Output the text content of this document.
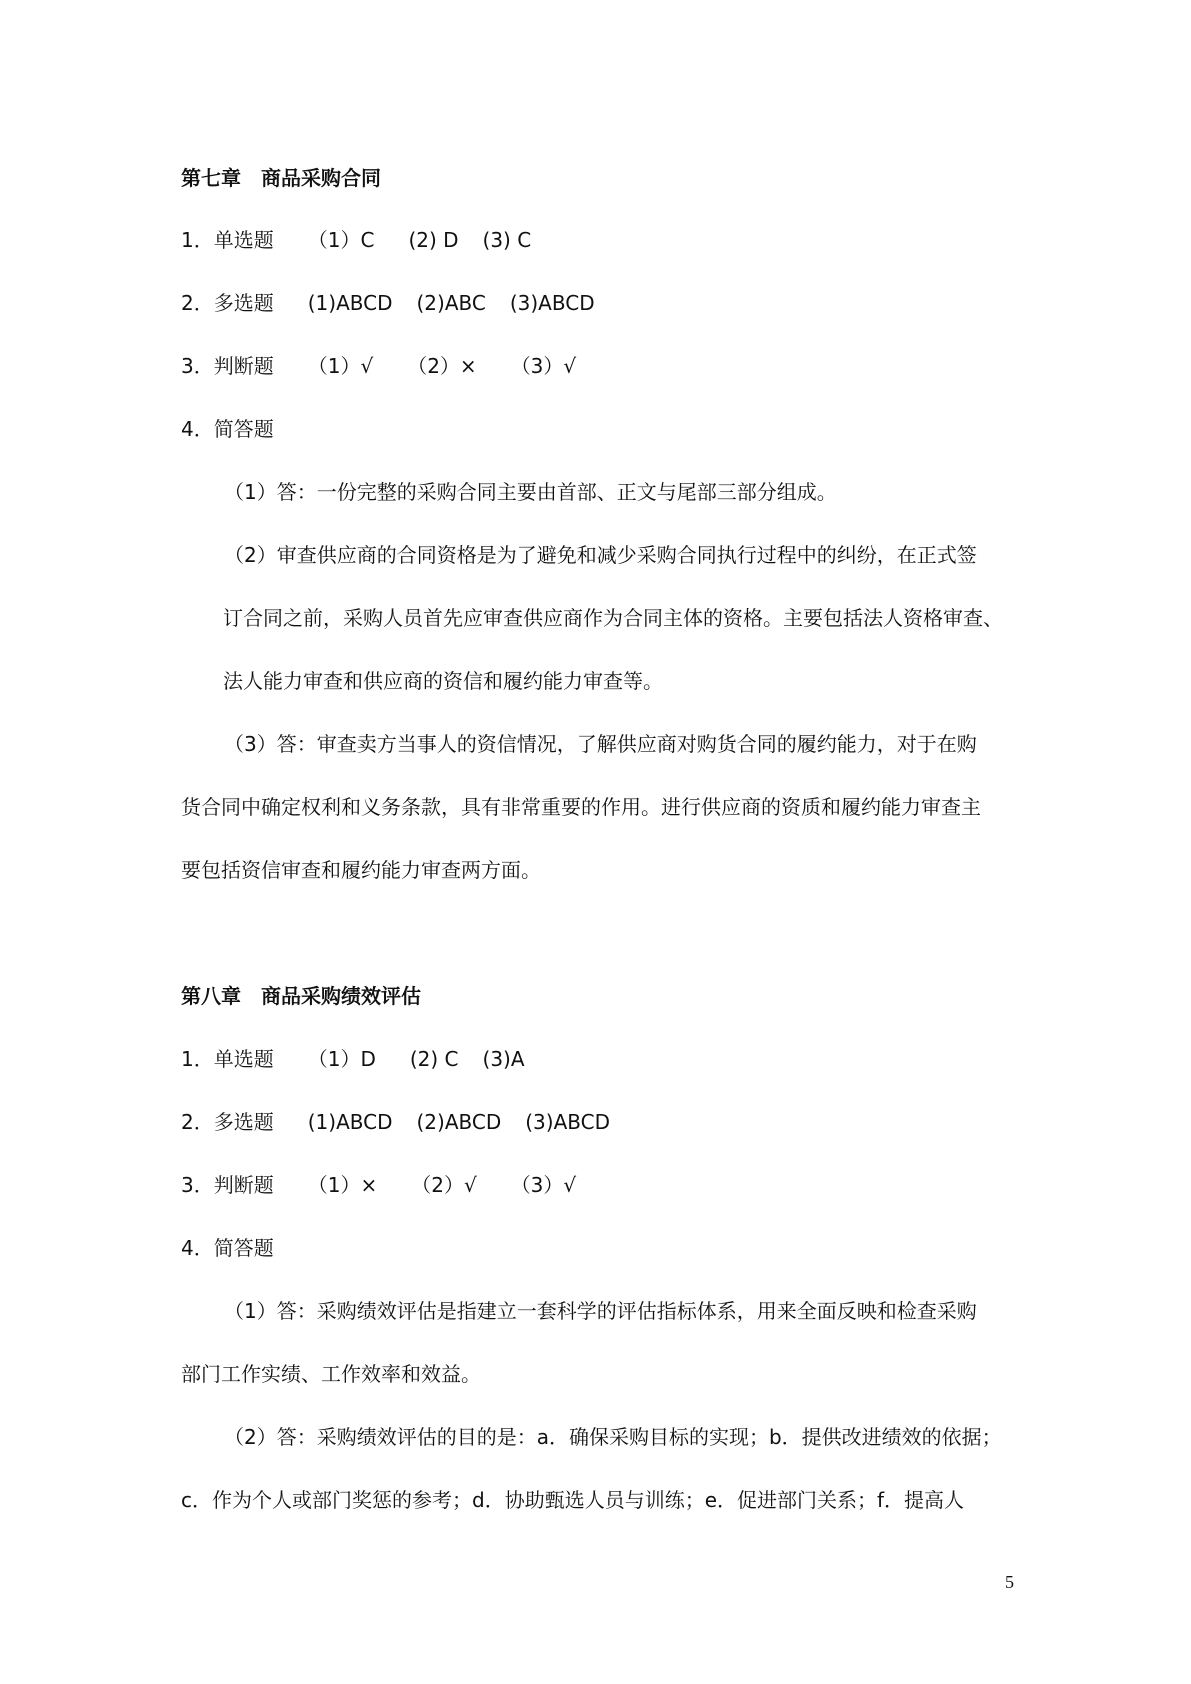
第七章　商品采购合同
1．单选题 （1）C (2) D (3) C
2．多选题 (1)ABCD (2)ABC (3)ABCD
3．判断题 （1）√ （2）× （3）√
4．简答题
（1）答：一份完整的采购合同主要由首部、正文与尾部三部分组成。
（2）审查供应商的合同资格是为了避免和减少采购合同执行过程中的纠纷，在正式签
订合同之前，采购人员首先应审查供应商作为合同主体的资格。主要包括法人资格审查、
法人能力审查和供应商的资信和履约能力审查等。
（3）答：审查卖方当事人的资信情况，了解供应商对购货合同的履约能力，对于在购
货合同中确定权利和义务条款，具有非常重要的作用。进行供应商的资质和履约能力审查主
要包括资信审查和履约能力审查两方面。
第八章　商品采购绩效评估
1．单选题 （1）D (2) C (3)A
2．多选题 (1)ABCD (2)ABCD (3)ABCD
3．判断题 （1）× （2）√ （3）√
4．简答题
（1）答：采购绩效评估是指建立一套科学的评估指标体系，用来全面反映和检查采购
部门工作实绩、工作效率和效益。
（2）答：采购绩效评估的目的是：a．确保采购目标的实现；b．提供改进绩效的依据；
c．作为个人或部门奖惩的参考；d．协助甄选人员与训练；e．促进部门关系；f．提高人
5
